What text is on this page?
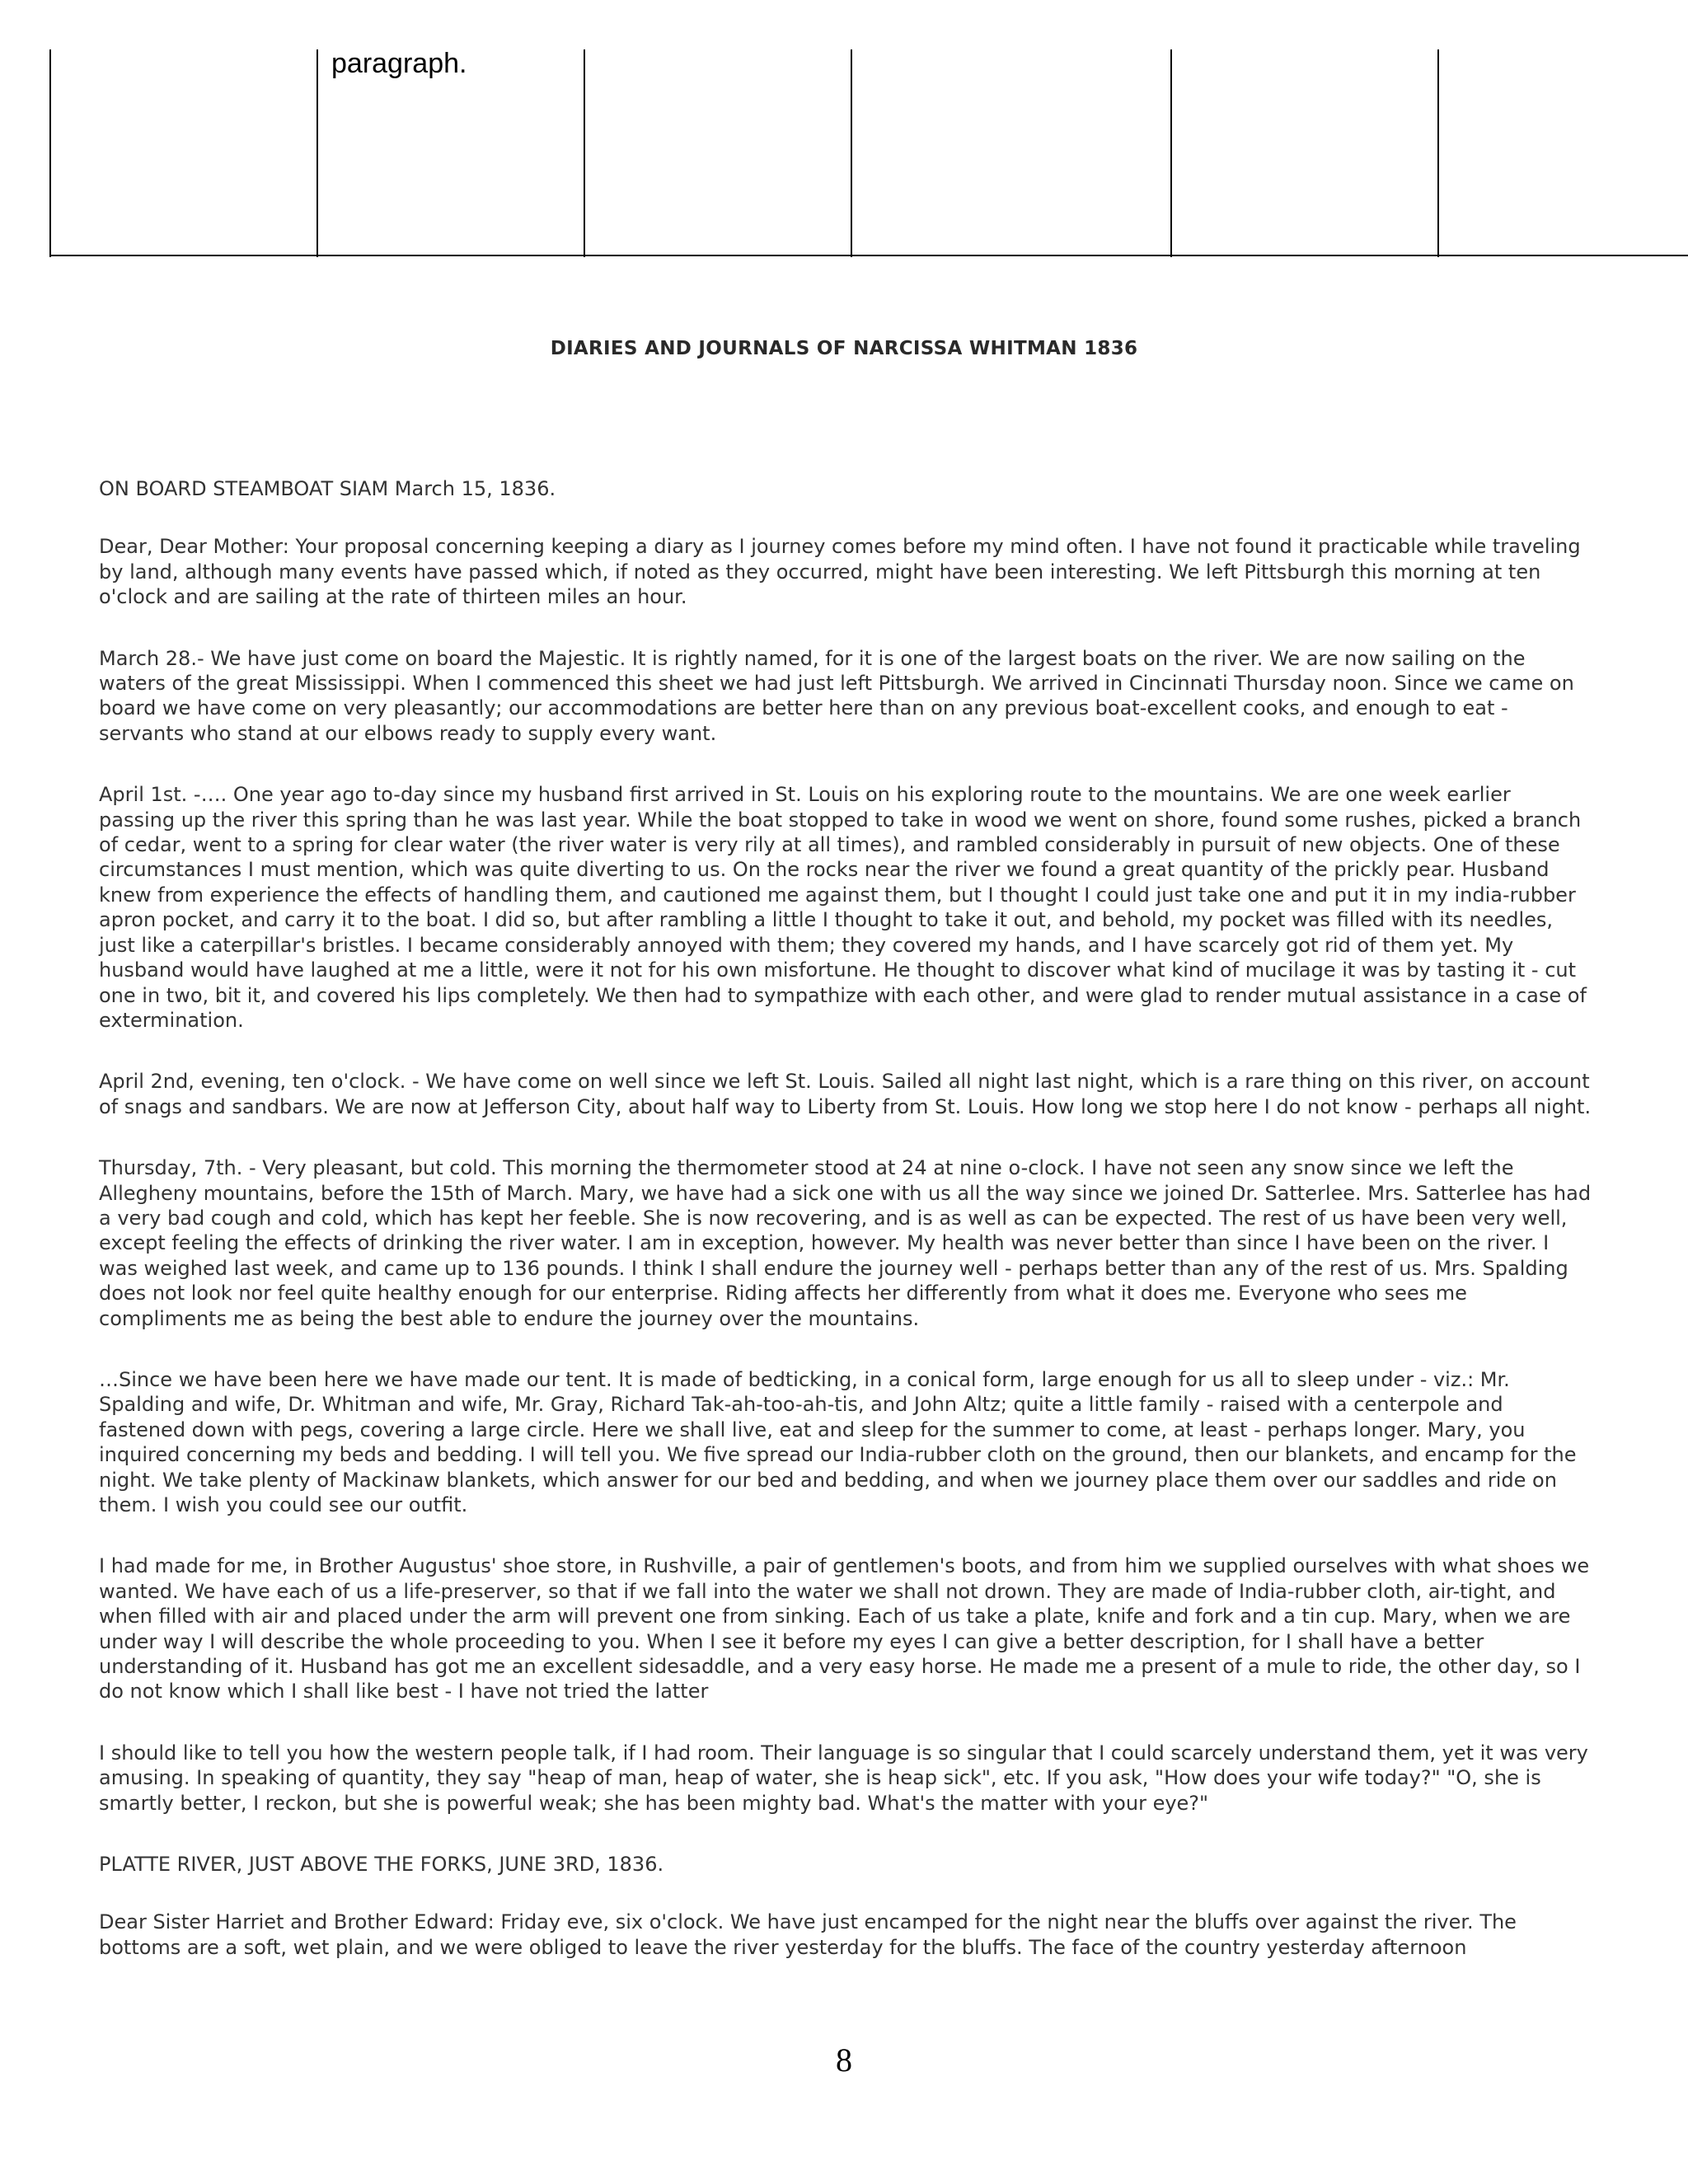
paragraph.
DIARIES AND JOURNALS OF NARCISSA WHITMAN 1836

ON BOARD STEAMBOAT SIAM March 15, 1836.

Dear, Dear Mother: Your proposal concerning keeping a diary as I journey comes before my mind often. I have not found it practicable while traveling by land, although many events have passed which, if noted as they occurred, might have been interesting. We left Pittsburgh this morning at ten o'clock and are sailing at the rate of thirteen miles an hour.

March 28.- We have just come on board the Majestic. It is rightly named, for it is one of the largest boats on the river. We are now sailing on the waters of the great Mississippi. When I commenced this sheet we had just left Pittsburgh. We arrived in Cincinnati Thursday noon. Since we came on board we have come on very pleasantly; our accommodations are better here than on any previous boat-excellent cooks, and enough to eat - servants who stand at our elbows ready to supply every want.

April 1st. -…. One year ago to-day since my husband first arrived in St. Louis on his exploring route to the mountains. We are one week earlier passing up the river this spring than he was last year. While the boat stopped to take in wood we went on shore, found some rushes, picked a branch of cedar, went to a spring for clear water (the river water is very rily at all times), and rambled considerably in pursuit of new objects. One of these circumstances I must mention, which was quite diverting to us. On the rocks near the river we found a great quantity of the prickly pear. Husband knew from experience the effects of handling them, and cautioned me against them, but I thought I could just take one and put it in my india-rubber apron pocket, and carry it to the boat. I did so, but after rambling a little I thought to take it out, and behold, my pocket was filled with its needles, just like a caterpillar's bristles. I became considerably annoyed with them; they covered my hands, and I have scarcely got rid of them yet. My husband would have laughed at me a little, were it not for his own misfortune. He thought to discover what kind of mucilage it was by tasting it - cut one in two, bit it, and covered his lips completely. We then had to sympathize with each other, and were glad to render mutual assistance in a case of extermination.

April 2nd, evening, ten o'clock. - We have come on well since we left St. Louis. Sailed all night last night, which is a rare thing on this river, on account of snags and sandbars. We are now at Jefferson City, about half way to Liberty from St. Louis. How long we stop here I do not know - perhaps all night.

Thursday, 7th. - Very pleasant, but cold. This morning the thermometer stood at 24 at nine o-clock. I have not seen any snow since we left the Allegheny mountains, before the 15th of March. Mary, we have had a sick one with us all the way since we joined Dr. Satterlee. Mrs. Satterlee has had a very bad cough and cold, which has kept her feeble. She is now recovering, and is as well as can be expected. The rest of us have been very well, except feeling the effects of drinking the river water. I am in exception, however. My health was never better than since I have been on the river. I was weighed last week, and came up to 136 pounds. I think I shall endure the journey well - perhaps better than any of the rest of us. Mrs. Spalding does not look nor feel quite healthy enough for our enterprise. Riding affects her differently from what it does me. Everyone who sees me compliments me as being the best able to endure the journey over the mountains.

…Since we have been here we have made our tent. It is made of bedticking, in a conical form, large enough for us all to sleep under - viz.: Mr. Spalding and wife, Dr. Whitman and wife, Mr. Gray, Richard Tak-ah-too-ah-tis, and John Altz; quite a little family - raised with a centerpole and fastened down with pegs, covering a large circle. Here we shall live, eat and sleep for the summer to come, at least - perhaps longer. Mary, you inquired concerning my beds and bedding. I will tell you. We five spread our India-rubber cloth on the ground, then our blankets, and encamp for the night. We take plenty of Mackinaw blankets, which answer for our bed and bedding, and when we journey place them over our saddles and ride on them. I wish you could see our outfit.

I had made for me, in Brother Augustus' shoe store, in Rushville, a pair of gentlemen's boots, and from him we supplied ourselves with what shoes we wanted. We have each of us a life-preserver, so that if we fall into the water we shall not drown. They are made of India-rubber cloth, air-tight, and when filled with air and placed under the arm will prevent one from sinking. Each of us take a plate, knife and fork and a tin cup. Mary, when we are under way I will describe the whole proceeding to you. When I see it before my eyes I can give a better description, for I shall have a better understanding of it. Husband has got me an excellent sidesaddle, and a very easy horse. He made me a present of a mule to ride, the other day, so I do not know which I shall like best - I have not tried the latter

I should like to tell you how the western people talk, if I had room. Their language is so singular that I could scarcely understand them, yet it was very amusing. In speaking of quantity, they say "heap of man, heap of water, she is heap sick", etc. If you ask, "How does your wife today?" "O, she is smartly better, I reckon, but she is powerful weak; she has been mighty bad. What's the matter with your eye?"

PLATTE RIVER, JUST ABOVE THE FORKS, JUNE 3RD, 1836.

Dear Sister Harriet and Brother Edward: Friday eve, six o'clock. We have just encamped for the night near the bluffs over against the river. The bottoms are a soft, wet plain, and we were obliged to leave the river yesterday for the bluffs. The face of the country yesterday afternoon

8
